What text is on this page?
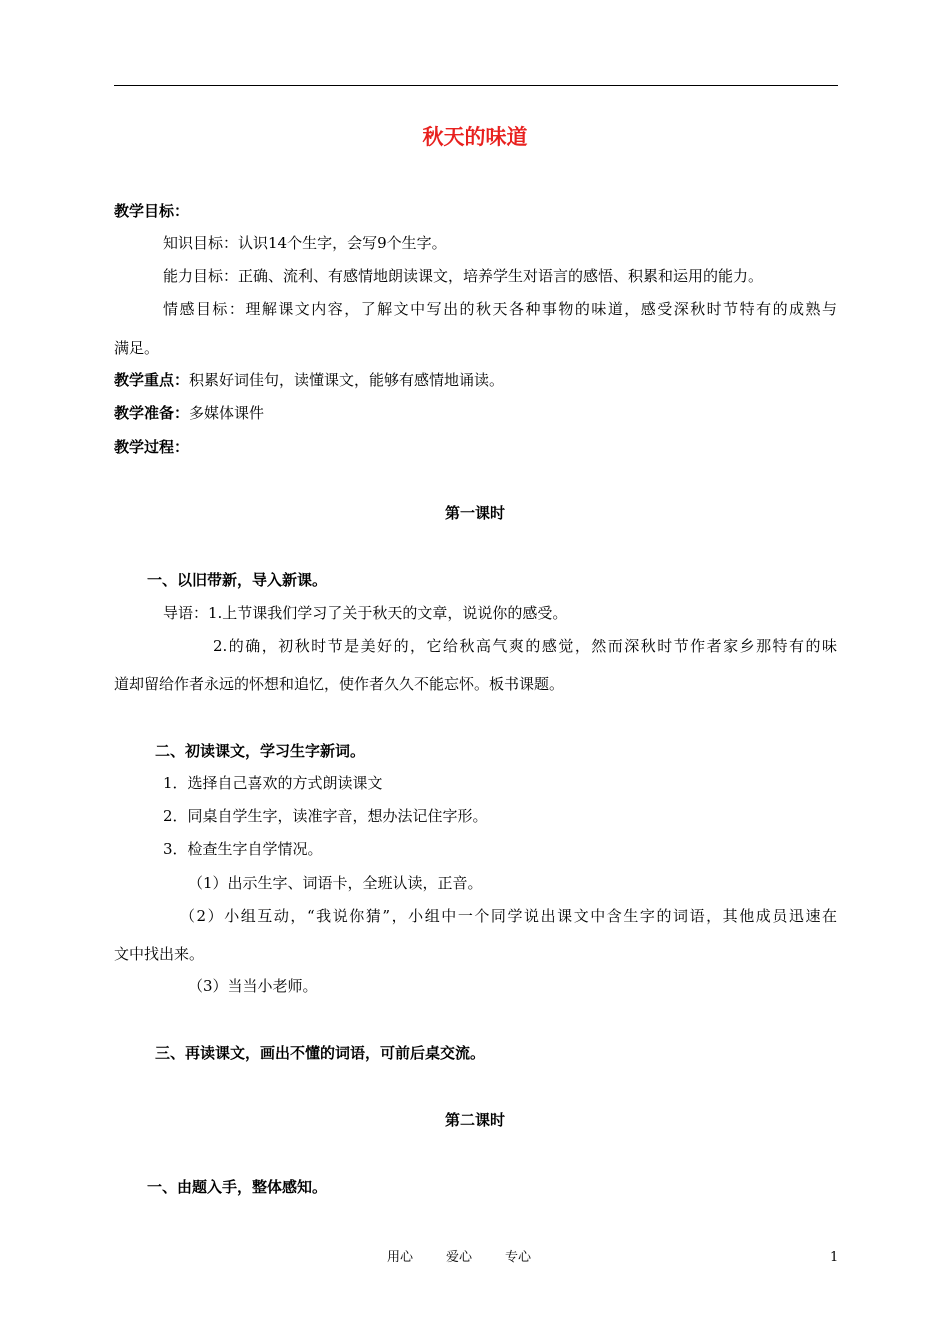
秋天的味道
教学目标：
知识目标：认识14个生字，会写9个生字。
能力目标：正确、流利、有感情地朗读课文，培养学生对语言的感悟、积累和运用的能力。
情感目标：理解课文内容，了解文中写出的秋天各种事物的味道，感受深秋时节特有的成熟与
满足。
教学重点：积累好词佳句，读懂课文，能够有感情地诵读。
教学准备：多媒体课件
教学过程：
第一课时
一、以旧带新，导入新课。
导语：1.上节课我们学习了关于秋天的文章，说说你的感受。
2.的确，初秋时节是美好的，它给秋高气爽的感觉，然而深秋时节作者家乡那特有的味
道却留给作者永远的怀想和追忆，使作者久久不能忘怀。板书课题。
二、初读课文，学习生字新词。
1．选择自己喜欢的方式朗读课文
2．同桌自学生字，读准字音，想办法记住字形。
3．检查生字自学情况。
（1）出示生字、词语卡，全班认读，正音。
（2）小组互动，“我说你猜”，小组中一个同学说出课文中含生字的词语，其他成员迅速在
文中找出来。
（3）当当小老师。
三、再读课文，画出不懂的词语，可前后桌交流。
第二课时
一、由题入手，整体感知。
用心	爱心	专心	1
